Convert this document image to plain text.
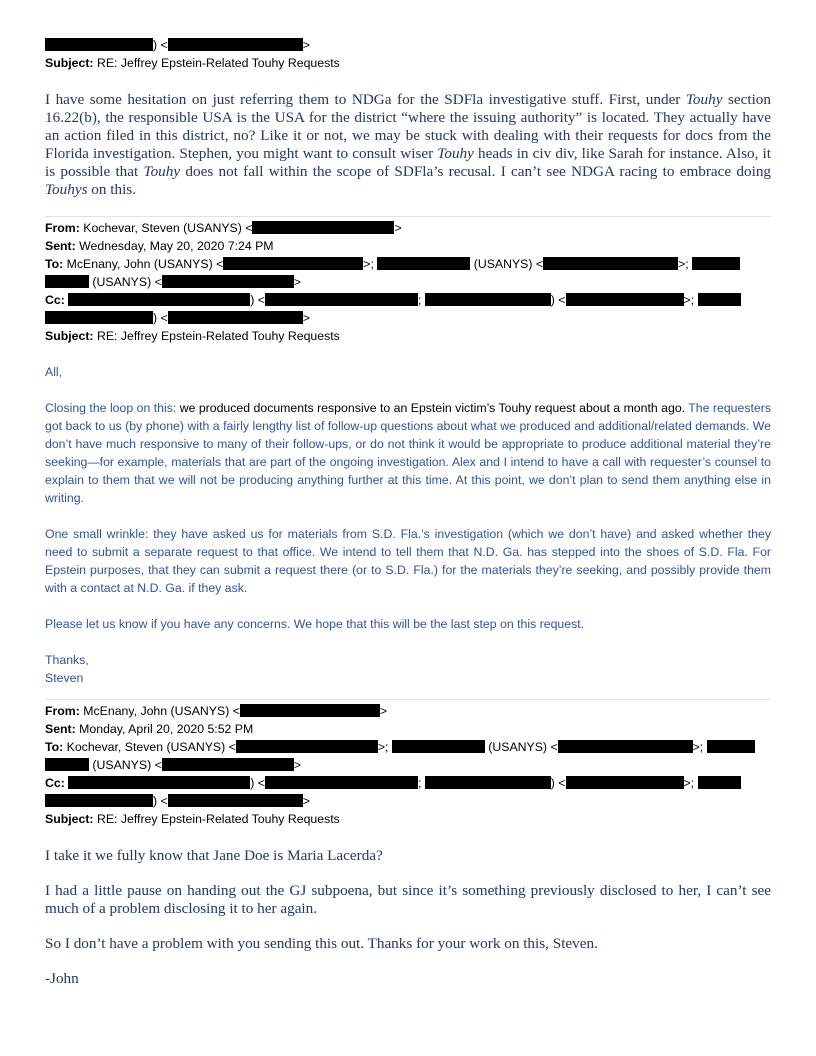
) <	>
Subject: RE: Jeffrey Epstein-Related Touhy Requests

I have some hesitation on just referring them to NDGa for the SDFla investigative stuff. First, under Touhy section 16.22(b), the responsible USA is the USA for the district “where the issuing authority” is located. They actually have an action filed in this district, no? Like it or not, we may be stuck with dealing with their requests for docs from the Florida investigation. Stephen, you might want to consult wiser Touhy heads in civ div, like Sarah for instance. Also, it is possible that Touhy does not fall within the scope of SDFla’s recusal. I can’t see NDGA racing to embrace doing Touhys on this.

From: Kochevar, Steven (USANYS) <	>
Sent: Wednesday, May 20, 2020 7:24 PM
To: McEnany, John (USANYS) <	>;	(USANYS) <	>;
(USANYS) <	>
Cc:	) <	;	) <	>;
) <	>
Subject: RE: Jeffrey Epstein-Related Touhy Requests

All,

Closing the loop on this: we produced documents responsive to an Epstein victim’s Touhy request about a month ago. The requesters got back to us (by phone) with a fairly lengthy list of follow-up questions about what we produced and additional/related demands. We don’t have much responsive to many of their follow-ups, or do not think it would be appropriate to produce additional material they’re seeking—for example, materials that are part of the ongoing investigation. Alex and I intend to have a call with requester’s counsel to explain to them that we will not be producing anything further at this time. At this point, we don’t plan to send them anything else in writing.

One small wrinkle: they have asked us for materials from S.D. Fla.’s investigation (which we don’t have) and asked whether they need to submit a separate request to that office. We intend to tell them that N.D. Ga. has stepped into the shoes of S.D. Fla. For Epstein purposes, that they can submit a request there (or to S.D. Fla.) for the materials they’re seeking, and possibly provide them with a contact at N.D. Ga. if they ask.

Please let us know if you have any concerns. We hope that this will be the last step on this request.

Thanks,

Steven

From: McEnany, John (USANYS) <	>
Sent: Monday, April 20, 2020 5:52 PM
To: Kochevar, Steven (USANYS) <	>;	(USANYS) <	>;
(USANYS) <	>
Cc:	) <	;	) <	>;
) <	>
Subject: RE: Jeffrey Epstein-Related Touhy Requests

I take it we fully know that Jane Doe is Maria Lacerda?

I had a little pause on handing out the GJ subpoena, but since it’s something previously disclosed to her, I can’t see much of a problem disclosing it to her again.

So I don’t have a problem with you sending this out. Thanks for your work on this, Steven.

-John
